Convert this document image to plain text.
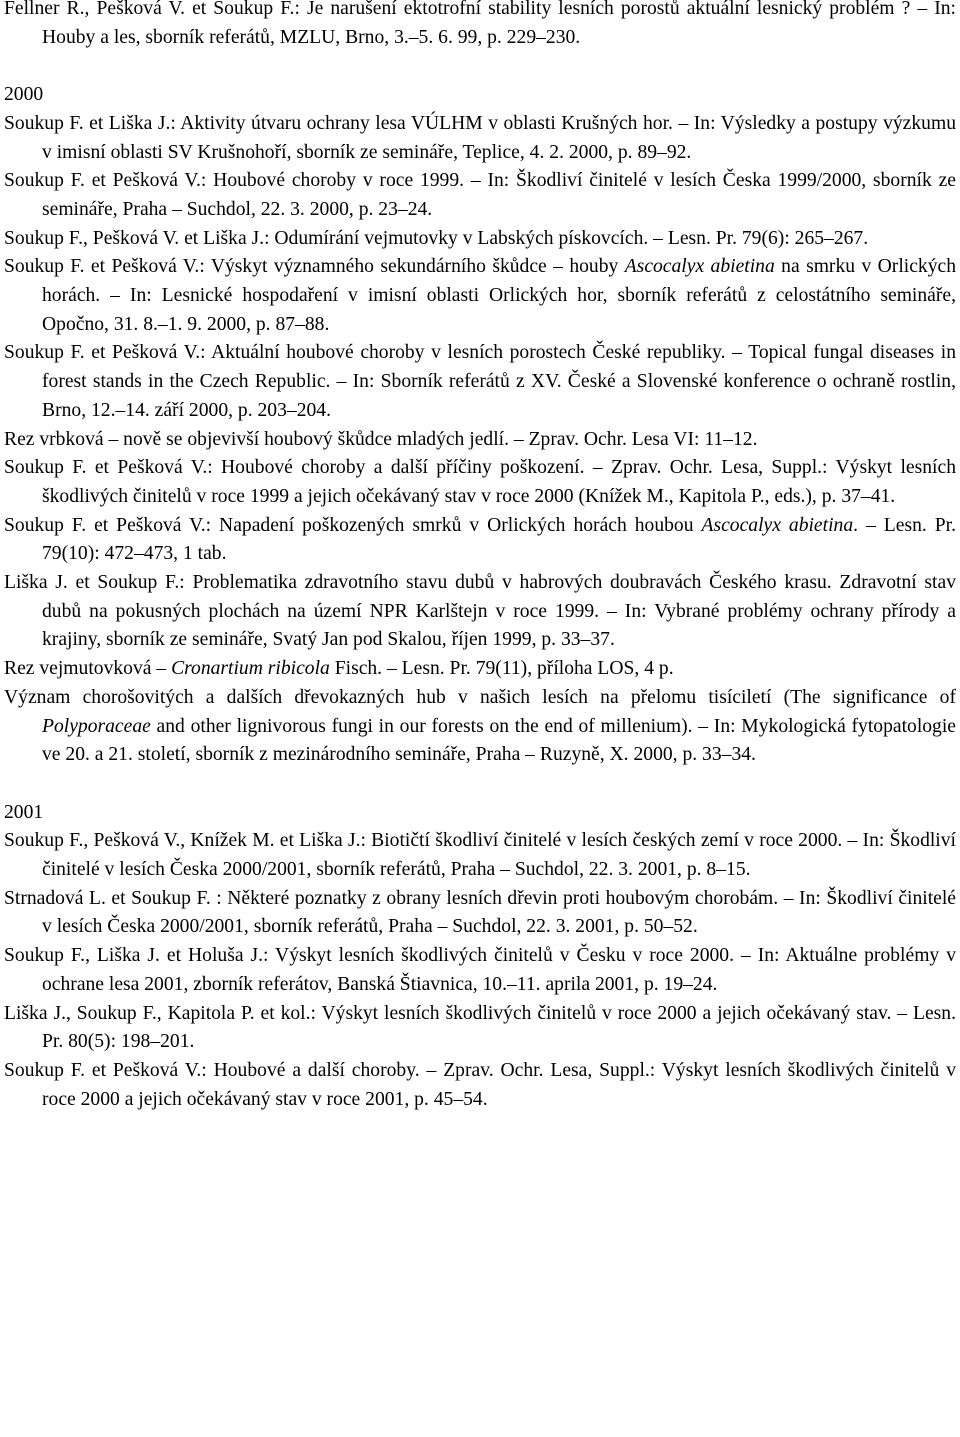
Fellner R., Pešková V. et Soukup F.: Je narušení ektotrofní stability lesních porostů aktuální lesnický problém ? – In: Houby a les, sborník referátů, MZLU, Brno, 3.–5. 6. 99, p. 229–230.

2000

Soukup F. et Liška J.: Aktivity útvaru ochrany lesa VÚLHM v oblasti Krušných hor. – In: Výsledky a postupy výzkumu v imisní oblasti SV Krušnohoří, sborník ze semináře, Teplice, 4. 2. 2000, p. 89–92.

Soukup F. et Pešková V.: Houbové choroby v roce 1999. – In: Škodliví činitelé v lesích Česka 1999/2000, sborník ze semináře, Praha – Suchdol, 22. 3. 2000, p. 23–24.

Soukup F., Pešková V. et Liška J.: Odumírání vejmutovky v Labských pískovcích. – Lesn. Pr. 79(6): 265–267.

Soukup F. et Pešková V.: Výskyt významného sekundárního škůdce – houby Ascocalyx abietina na smrku v Orlických horách. – In: Lesnické hospodaření v imisní oblasti Orlických hor, sborník referátů z celostátního semináře, Opočno, 31. 8.–1. 9. 2000, p. 87–88.

Soukup F. et Pešková V.: Aktuální houbové choroby v lesních porostech České republiky. – Topical fungal diseases in forest stands in the Czech Republic. – In: Sborník referátů z XV. České a Slovenské konference o ochraně rostlin, Brno, 12.–14. září 2000, p. 203–204.

Rez vrbková – nově se objevivší houbový škůdce mladých jedlí. – Zprav. Ochr. Lesa VI: 11–12.

Soukup F. et Pešková V.: Houbové choroby a další příčiny poškození. – Zprav. Ochr. Lesa, Suppl.: Výskyt lesních škodlivých činitelů v roce 1999 a jejich očekávaný stav v roce 2000 (Knížek M., Kapitola P., eds.), p. 37–41.

Soukup F. et Pešková V.: Napadení poškozených smrků v Orlických horách houbou Ascocalyx abietina. – Lesn. Pr. 79(10): 472–473, 1 tab.

Liška J. et Soukup F.: Problematika zdravotního stavu dubů v habrových doubravách Českého krasu. Zdravotní stav dubů na pokusných plochách na území NPR Karlštejn v roce 1999. – In: Vybrané problémy ochrany přírody a krajiny, sborník ze semináře, Svatý Jan pod Skalou, říjen 1999, p. 33–37.

Rez vejmutovková – Cronartium ribicola Fisch. – Lesn. Pr. 79(11), příloha LOS, 4 p.

Význam chorošovitých a dalších dřevokazných hub v našich lesích na přelomu tisíciletí (The significance of Polyporaceae and other lignivorous fungi in our forests on the end of millenium). – In: Mykologická fytopatologie ve 20. a 21. století, sborník z mezinárodního semináře, Praha – Ruzyně, X. 2000, p. 33–34.

2001

Soukup F., Pešková V., Knížek M. et Liška J.: Biotičtí škodliví činitelé v lesích českých zemí v roce 2000. – In: Škodliví činitelé v lesích Česka 2000/2001, sborník referátů, Praha – Suchdol, 22. 3. 2001, p. 8–15.

Strnadová L. et Soukup F. : Některé poznatky z obrany lesních dřevin proti houbovým chorobám. – In: Škodliví činitelé v lesích Česka 2000/2001, sborník referátů, Praha – Suchdol, 22. 3. 2001, p. 50–52.

Soukup F., Liška J. et Holuša J.: Výskyt lesních škodlivých činitelů v Česku v roce 2000. – In: Aktuálne problémy v ochrane lesa 2001, zborník referátov, Banská Štiavnica, 10.–11. aprila 2001, p. 19–24.

Liška J., Soukup F., Kapitola P. et kol.: Výskyt lesních škodlivých činitelů v roce 2000 a jejich očekávaný stav. – Lesn. Pr. 80(5): 198–201.

Soukup F. et Pešková V.: Houbové a další choroby. – Zprav. Ochr. Lesa, Suppl.: Výskyt lesních škodlivých činitelů v roce 2000 a jejich očekávaný stav v roce 2001, p. 45–54.
